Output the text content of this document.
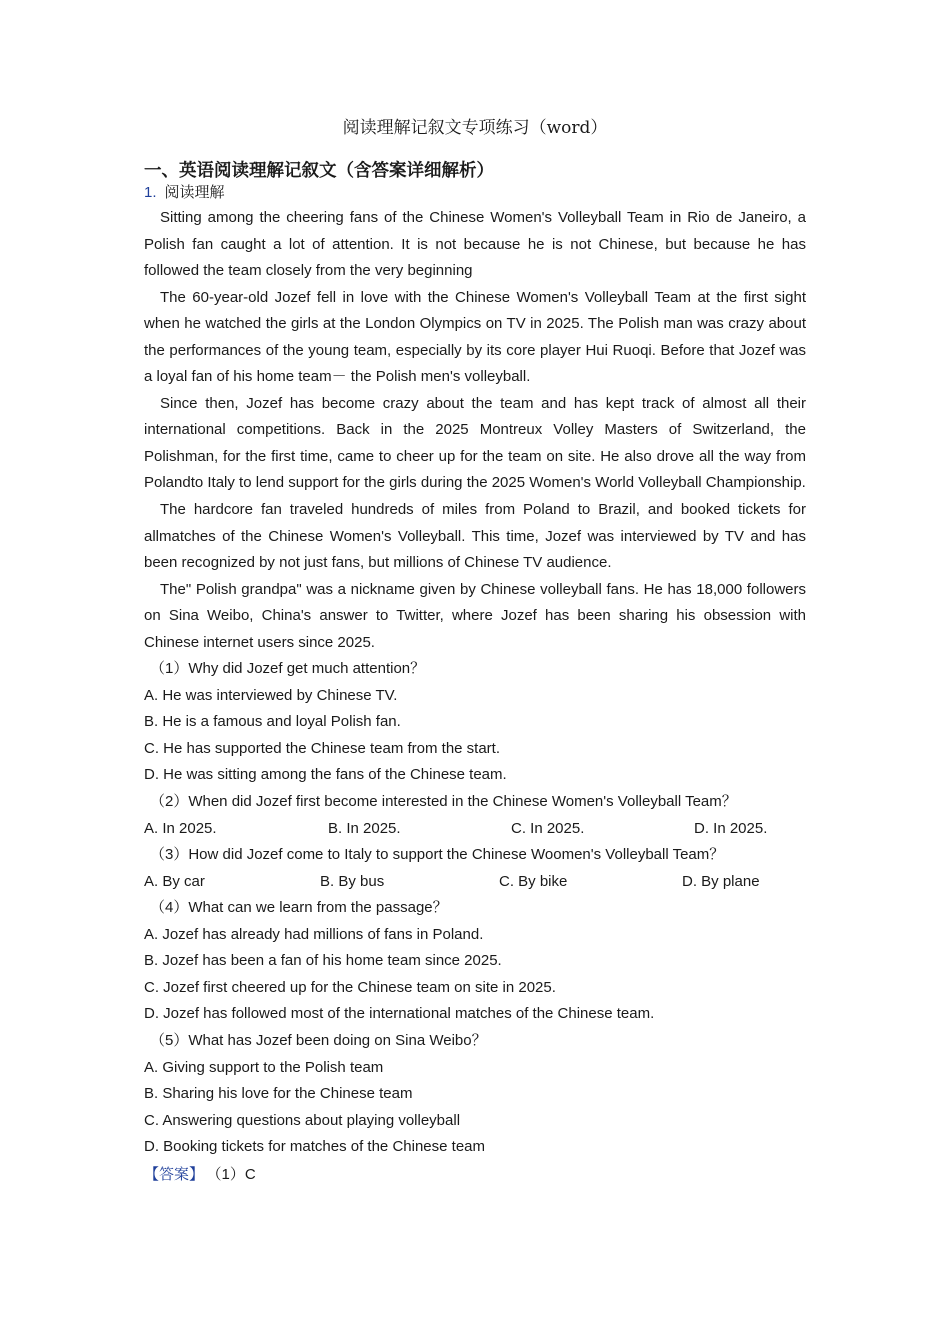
阅读理解记叙文专项练习（word）
一、英语阅读理解记叙文（含答案详细解析）
1. 阅读理解

Sitting among the cheering fans of the Chinese Women's Volleyball Team in Rio de Janeiro, a Polish fan caught a lot of attention. It is not because he is not Chinese, but because he has followed the team closely from the very beginning

The 60-year-old Jozef fell in love with the Chinese Women's Volleyball Team at the first sight when he watched the girls at the London Olympics on TV in 2025. The Polish man was crazy about the performances of the young team, especially by its core player Hui Ruoqi. Before that Jozef was a loyal fan of his home team－ the Polish men's volleyball.

Since then, Jozef has become crazy about the team and has kept track of almost all their international competitions. Back in the 2025 Montreux Volley Masters of Switzerland, the Polishman, for the first time, came to cheer up for the team on site. He also drove all the way from Polandto Italy to lend support for the girls during the 2025 Women's World Volleyball Championship.

The hardcore fan traveled hundreds of miles from Poland to Brazil, and booked tickets for allmatches of the Chinese Women's Volleyball. This time, Jozef was interviewed by TV and has been recognized by not just fans, but millions of Chinese TV audience.

The" Polish grandpa" was a nickname given by Chinese volleyball fans. He has 18,000 followers on Sina Weibo, China's answer to Twitter, where Jozef has been sharing his obsession with Chinese internet users since 2025.

（1）Why did Jozef get much attention？

A. He was interviewed by Chinese TV.

B. He is a famous and loyal Polish fan.

C. He has supported the Chinese team from the start.

D. He was sitting among the fans of the Chinese team.

（2）When did Jozef first become interested in the Chinese Women's Volleyball Team？

A. In 2025.	B. In 2025.	C. In 2025.	D. In 2025.

（3）How did Jozef come to Italy to support the Chinese Woomen's Volleyball Team？

A. By car	B. By bus	C. By bike	D. By plane

（4）What can we learn from the passage？

A. Jozef has already had millions of fans in Poland.

B. Jozef has been a fan of his home team since 2025.

C. Jozef first cheered up for the Chinese team on site in 2025.

D. Jozef has followed most of the international matches of the Chinese team.

（5）What has Jozef been doing on Sina Weibo？

A. Giving support to the Polish team

B. Sharing his love for the Chinese team

C. Answering questions about playing volleyball

D. Booking tickets for matches of the Chinese team

【答案】 （1）C
